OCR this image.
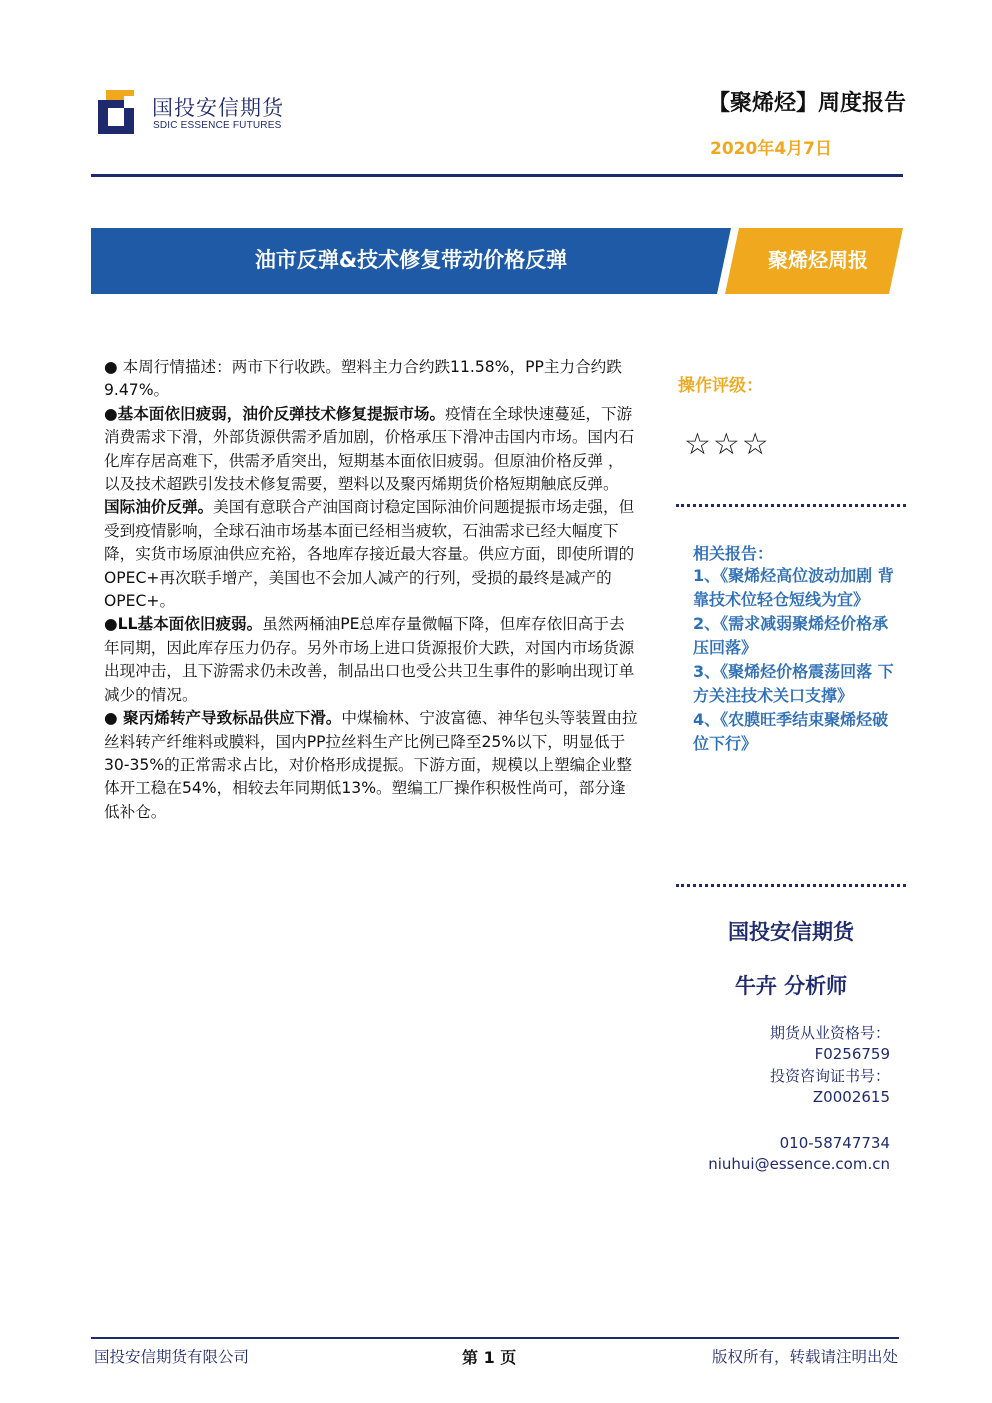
国投安信期货
SDIC ESSENCE FUTURES
【聚烯烃】周度报告
2020年4月7日
油市反弹&技术修复带动价格反弹	聚烯烃周报

● 本周行情描述：两市下行收跌。塑料主力合约跌11.58%，PP主力合约跌9.47%。

●基本面依旧疲弱，油价反弹技术修复提振市场。疫情在全球快速蔓延，下游消费需求下滑，外部货源供需矛盾加剧，价格承压下滑冲击国内市场。国内石化库存居高难下，供需矛盾突出，短期基本面依旧疲弱。但原油价格反弹 ，以及技术超跌引发技术修复需要，塑料以及聚丙烯期货价格短期触底反弹。

国际油价反弹。美国有意联合产油国商讨稳定国际油价问题提振市场走强，但受到疫情影响，全球石油市场基本面已经相当疲软，石油需求已经大幅度下降，实货市场原油供应充裕，各地库存接近最大容量。供应方面，即使所谓的OPEC+再次联手增产，美国也不会加人减产的行列，受损的最终是减产的OPEC+。

●LL基本面依旧疲弱。虽然两桶油PE总库存量微幅下降，但库存依旧高于去年同期，因此库存压力仍存。另外市场上进口货源报价大跌，对国内市场货源出现冲击，且下游需求仍未改善，制品出口也受公共卫生事件的影响出现订单减少的情况。

● 聚丙烯转产导致标品供应下滑。中煤榆林、宁波富德、神华包头等装置由拉丝料转产纤维料或膜料，国内PP拉丝料生产比例已降至25%以下，明显低于30-35%的正常需求占比，对价格形成提振。下游方面，规模以上塑编企业整体开工稳在54%，相较去年同期低13%。塑编工厂操作积极性尚可，部分逢低补仓。

操作评级：
☆☆☆
相关报告：

1、《聚烯烃高位波动加剧 背靠技术位轻仓短线为宜》

2、《需求减弱聚烯烃价格承压回落》

3、《聚烯烃价格震荡回落 下方关注技术关口支撑》

4、《农膜旺季结束聚烯烃破位下行》

国投安信期货
牛卉 分析师
期货从业资格号：
F0256759
投资咨询证书号：
Z0002615
010-58747734
niuhui@essence.com.cn
国投安信期货有限公司	第 1 页	版权所有，转载请注明出处
